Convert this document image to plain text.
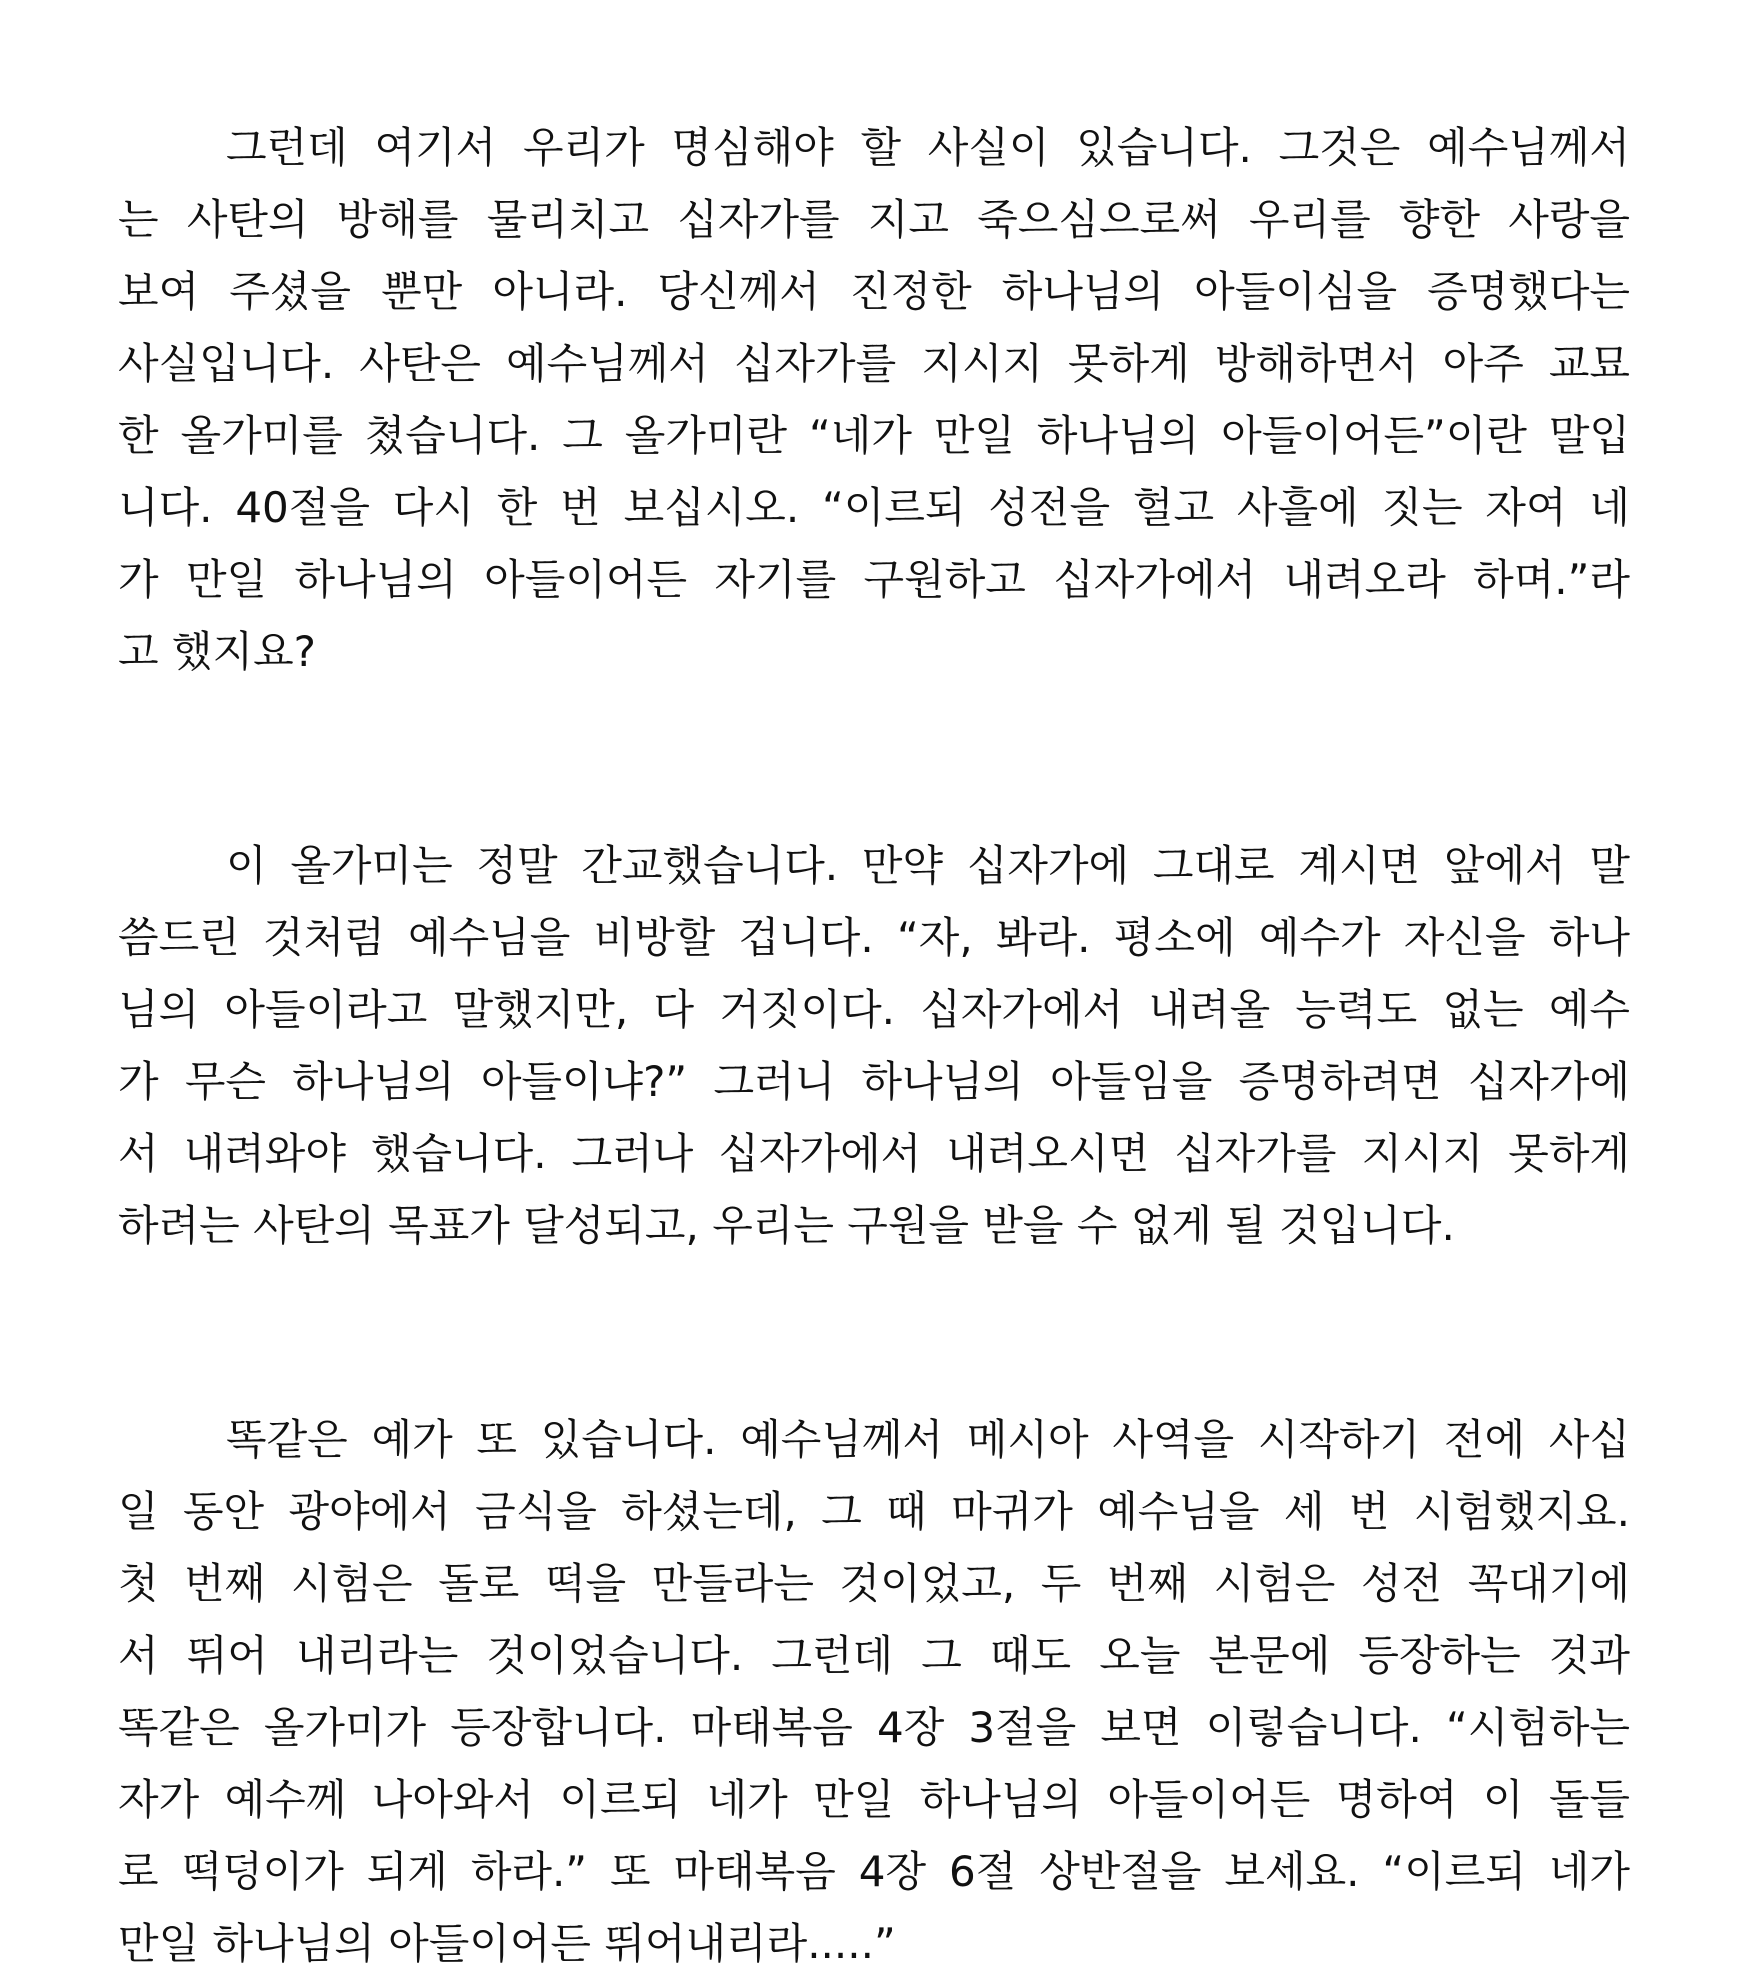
그런데 여기서 우리가 명심해야 할 사실이 있습니다. 그것은 예수님께서
는 사탄의 방해를 물리치고 십자가를 지고 죽으심으로써 우리를 향한 사랑을
보여 주셨을 뿐만 아니라. 당신께서 진정한 하나님의 아들이심을 증명했다는
사실입니다. 사탄은 예수님께서 십자가를 지시지 못하게 방해하면서 아주 교묘
한 올가미를 쳤습니다. 그 올가미란 “네가 만일 하나님의 아들이어든”이란 말입
니다. 40절을 다시 한 번 보십시오. “이르되 성전을 헐고 사흘에 짓는 자여 네
가 만일 하나님의 아들이어든 자기를 구원하고 십자가에서 내려오라 하며.”라
고 했지요?
이 올가미는 정말 간교했습니다. 만약 십자가에 그대로 계시면 앞에서 말
씀드린 것처럼 예수님을 비방할 겁니다. “자, 봐라. 평소에 예수가 자신을 하나
님의 아들이라고 말했지만, 다 거짓이다. 십자가에서 내려올 능력도 없는 예수
가 무슨 하나님의 아들이냐?” 그러니 하나님의 아들임을 증명하려면 십자가에
서 내려와야 했습니다. 그러나 십자가에서 내려오시면 십자가를 지시지 못하게
하려는 사탄의 목표가 달성되고, 우리는 구원을 받을 수 없게 될 것입니다.
똑같은 예가 또 있습니다. 예수님께서 메시아 사역을 시작하기 전에 사십
일 동안 광야에서 금식을 하셨는데, 그 때 마귀가 예수님을 세 번 시험했지요.
첫 번째 시험은 돌로 떡을 만들라는 것이었고, 두 번째 시험은 성전 꼭대기에
서 뛰어 내리라는 것이었습니다. 그런데 그 때도 오늘 본문에 등장하는 것과
똑같은 올가미가 등장합니다. 마태복음 4장 3절을 보면 이렇습니다. “시험하는
자가 예수께 나아와서 이르되 네가 만일 하나님의 아들이어든 명하여 이 돌들
로 떡덩이가 되게 하라.” 또 마태복음 4장 6절 상반절을 보세요. “이르되 네가
만일 하나님의 아들이어든 뛰어내리라.....”
